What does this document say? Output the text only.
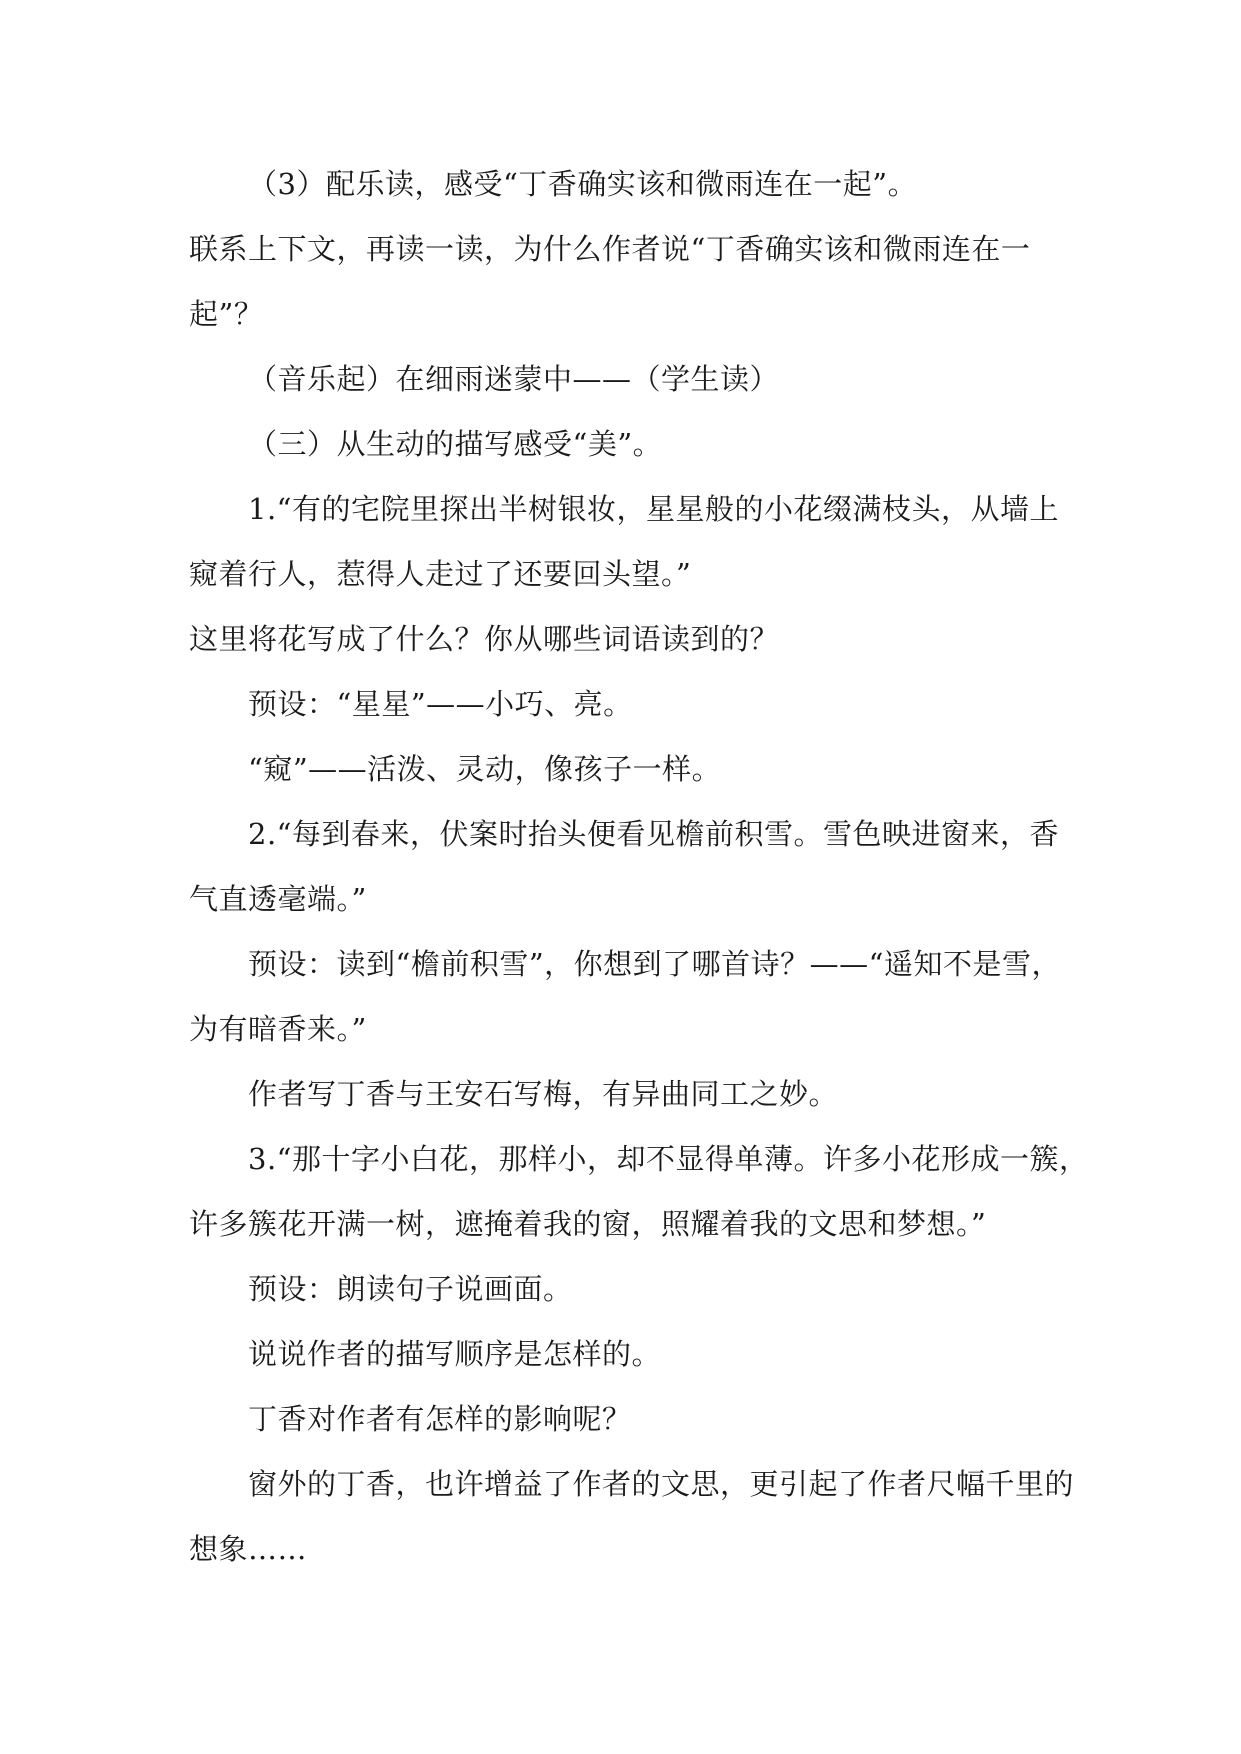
（3）配乐读，感受“丁香确实该和微雨连在一起”。
联系上下文，再读一读，为什么作者说“丁香确实该和微雨连在一
起”？
（音乐起）在细雨迷蒙中——（学生读）
（三）从生动的描写感受“美”。
1.“有的宅院里探出半树银妆，星星般的小花缀满枝头，从墙上
窥着行人，惹得人走过了还要回头望。”
这里将花写成了什么？你从哪些词语读到的？
预设：“星星”——小巧、亮。
“窥”——活泼、灵动，像孩子一样。
2.“每到春来，伏案时抬头便看见檐前积雪。雪色映进窗来，香
气直透毫端。”
预设：读到“檐前积雪”，你想到了哪首诗？——“遥知不是雪，
为有暗香来。”
作者写丁香与王安石写梅，有异曲同工之妙。
3.“那十字小白花，那样小，却不显得单薄。许多小花形成一簇，
许多簇花开满一树，遮掩着我的窗，照耀着我的文思和梦想。”
预设：朗读句子说画面。
说说作者的描写顺序是怎样的。
丁香对作者有怎样的影响呢？
窗外的丁香，也许增益了作者的文思，更引起了作者尺幅千里的
想象……
